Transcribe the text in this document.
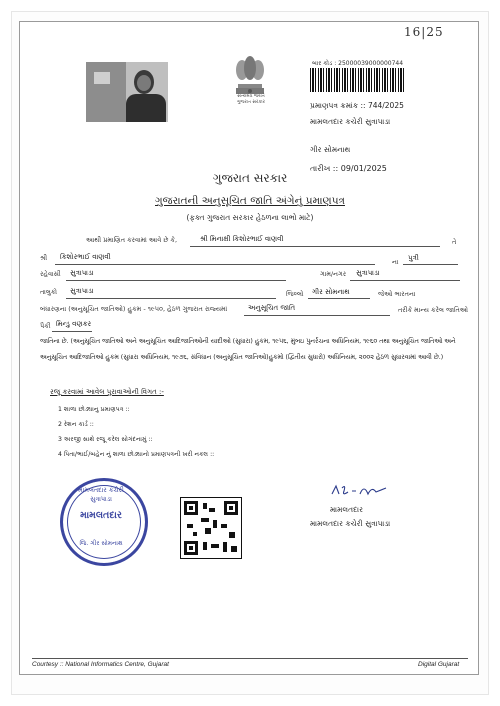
16|25
સત્યમેવ જયતે
ગુજરાત સરકાર
બાર કોડ : 25000039000000744
પ્રમાણપત્ર ક્રમાંક :: 744/2025
મામલતદાર કચેરી સુત્રાપાડા
ગીર સોમનાથ
તારીખ :: 09/01/2025
ગુજરાત સરકાર
ગુજરાતની અનુસૂચિત જાતિ અંગેનું પ્રમાણપત્ર
(ફક્ત ગુજરાત સરકાર હેઠળના લાભો માટે)
આથી પ્રમાણિત કરવામાં આવે છે કે,	શ્રી મિનાક્ષી કિશોરભાઈ વાણવી	તે
શ્રી કિશોરભાઈ વાણવી
ના પુત્રી
રહેવાસી સુત્રાપાડા	ગામ/નગર સુત્રાપાડા
તાલુકો સુત્રાપાડા	જિલ્લો ગીર સોમનાથ	જેઓ ભારતના
બંધારણના (અનુસૂચિત જાતિઓ) હુકમ - ૧૯૫૦, હેઠળ ગુજરાત રાજ્યમાં	અનુસૂચિત જાતિ	તરીકે માન્ય કરેલ જાતિઓ
પૈકી મિન્ડુ વણકર
જાતિના છે. (અનુસૂચિત જાતિઓ અને અનુસૂચિત આદિજાતિઓની યાદીઓ (સુધારા) હુકમ, ૧૯૫૬, મુંબઇ પુનર્રચના અધિનિયમ, ૧૯૬૦ તથા અનુસૂચિત જાતિઓ અને અનુસૂચિત આદિજાતિઓ હુકમ (સુધારા અધિનિયમ, ૧૯૭૬, સંવિધાન (અનુસૂચિત જાતિઓ)હુકમો (દ્વિતીય સુધારો) અધિનિયમ, ૨૦૦૨ હેઠળ સુધારવામાં આવી છે.)
રજૂ કરવામાં આવેલ પુરાવાઓની વિગત :-
1 શાળા છોડ્યાનુ પ્રમાણપત્ર ::
2 રેશન કાર્ડ ::
3 અરજી સાથે રજૂ કરેલ સોગંદનામું ::
4 પિતા/ભાઈ/બહેન નું શાળા છોડ્યાનો પ્રમાણપત્રની ખરી નકલ ::
મામલતદાર કચેરી સુત્રાપાડા
મામલતદાર
જિ. ગીર સોમનાથ
મામલતદાર
મામલતદાર કચેરી સુત્રાપાડા
Courtesy :: National Informatics Centre, Gujarat	Digital Gujarat
